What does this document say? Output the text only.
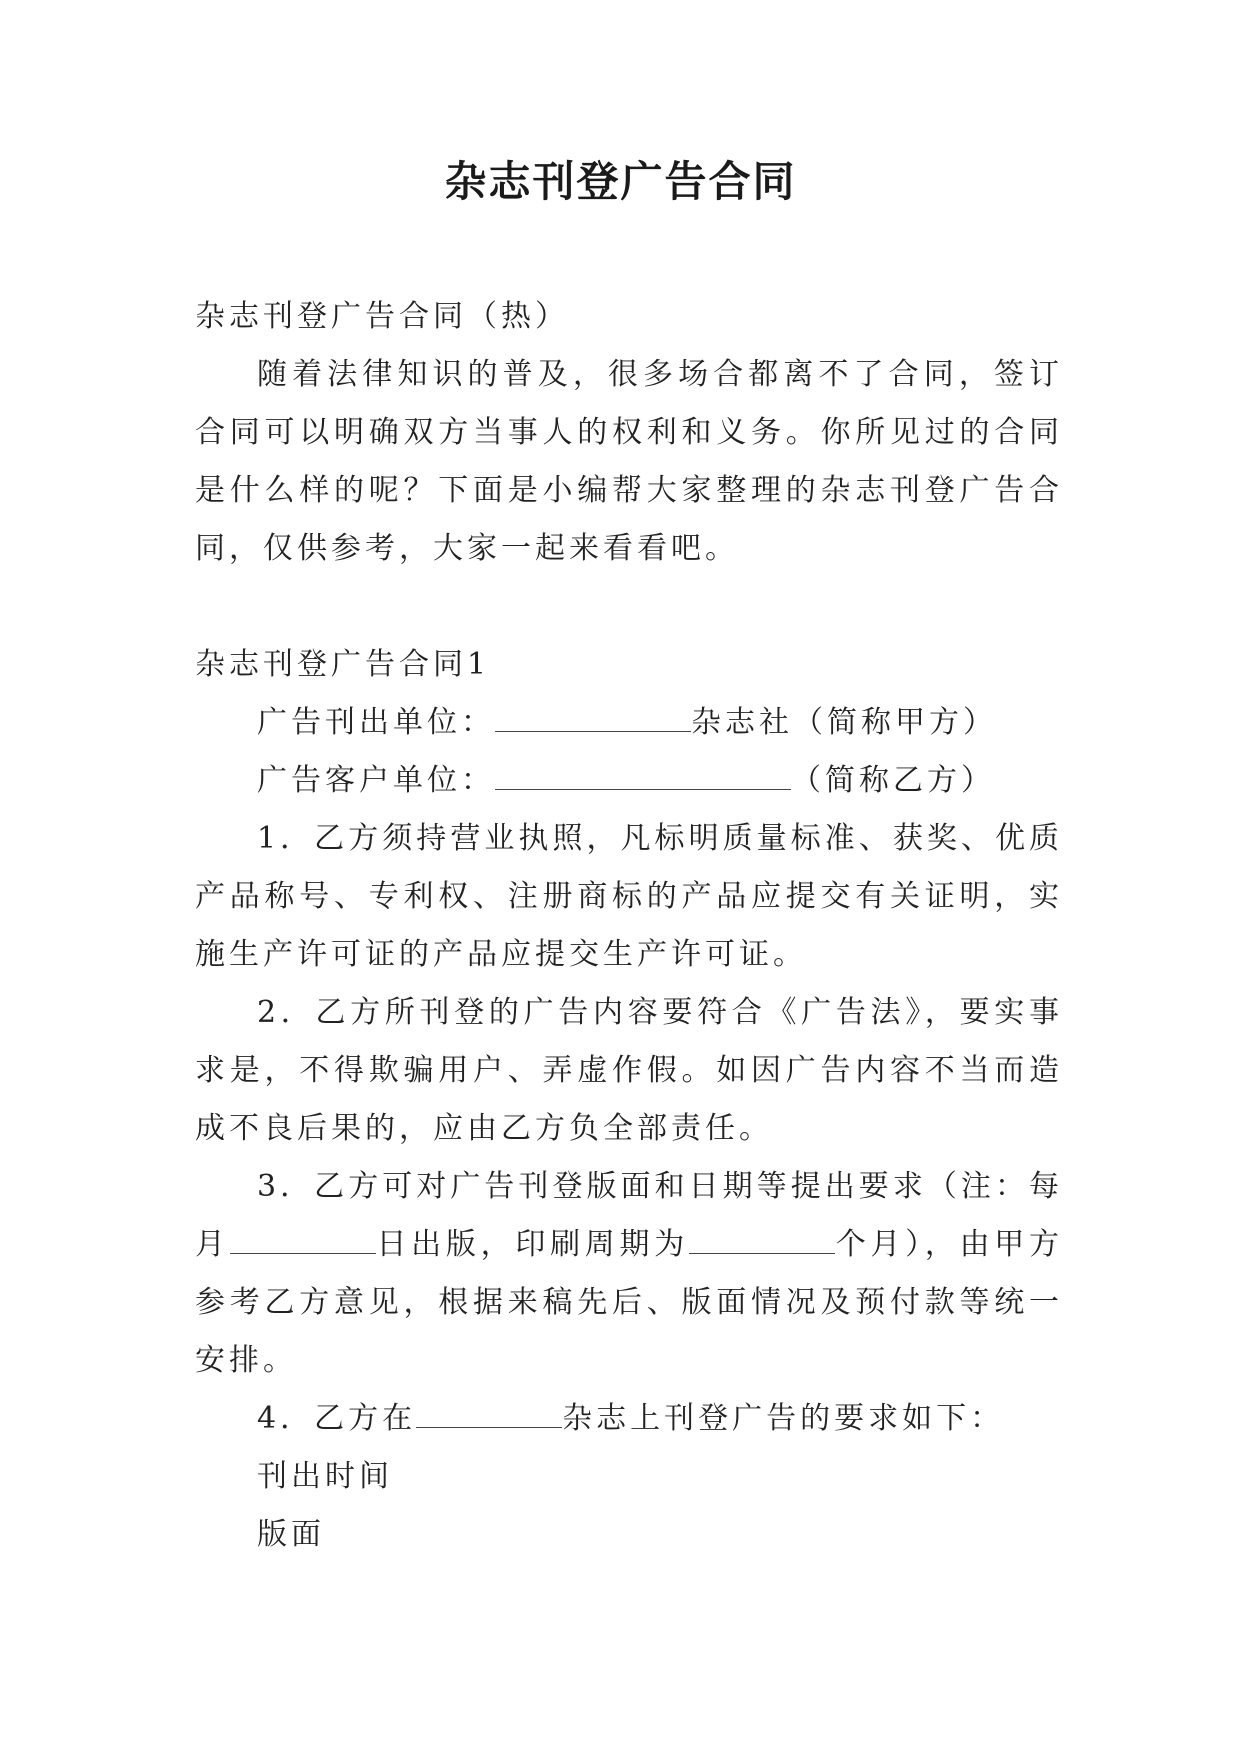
杂志刊登广告合同

杂志刊登广告合同（热）

随着法律知识的普及，很多场合都离不了合同，签订合同可以明确双方当事人的权利和义务。你所见过的合同是什么样的呢？下面是小编帮大家整理的杂志刊登广告合同，仅供参考，大家一起来看看吧。

杂志刊登广告合同1

广告刊出单位：	杂志社（简称甲方）

广告客户单位：	（简称乙方）

1．乙方须持营业执照，凡标明质量标准、获奖、优质产品称号、专利权、注册商标的产品应提交有关证明，实施生产许可证的产品应提交生产许可证。

2．乙方所刊登的广告内容要符合《广告法》，要实事求是，不得欺骗用户、弄虚作假。如因广告内容不当而造成不良后果的，应由乙方负全部责任。

3．乙方可对广告刊登版面和日期等提出要求（注：每月	日出版，印刷周期为	个月），由甲方参考乙方意见，根据来稿先后、版面情况及预付款等统一安排。

4．乙方在	杂志上刊登广告的要求如下：

刊出时间

版面
